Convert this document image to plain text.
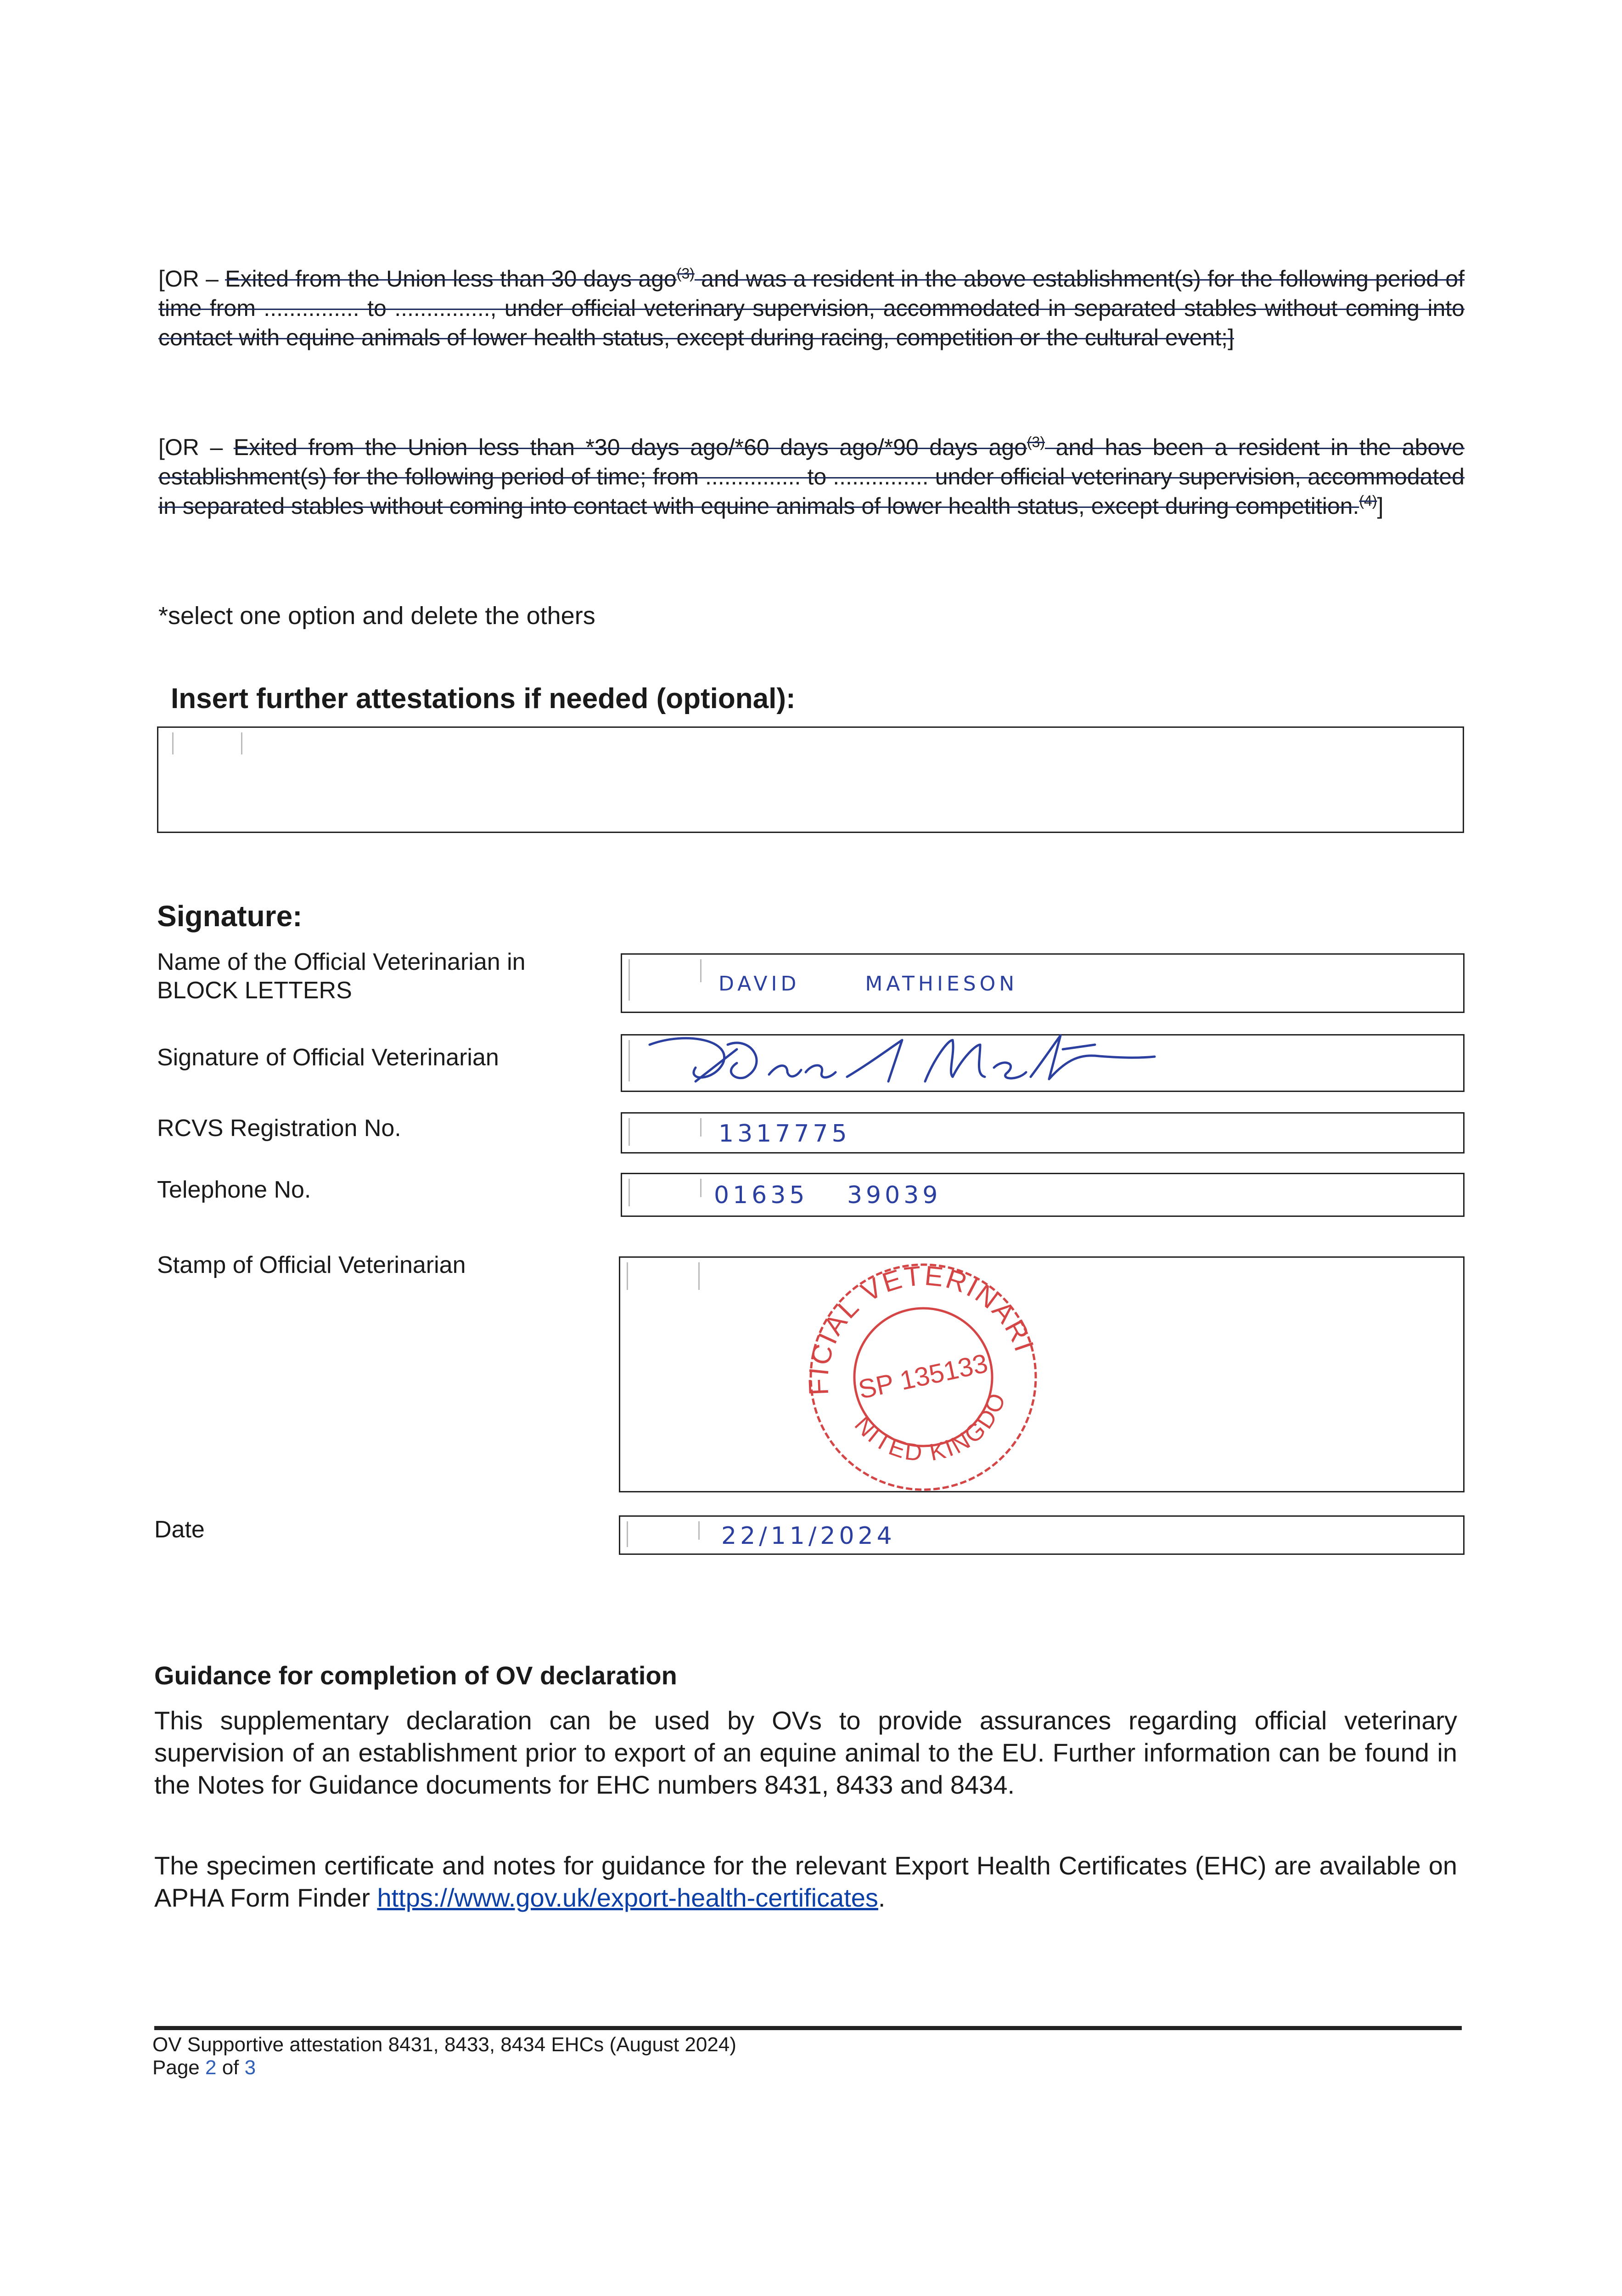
[OR – Exited from the Union less than 30 days ago$^{(3)}$ and was a resident in the above establishment(s) for the following period of time from ............... to ..............., under official veterinary supervision, accommodated in separated stables without coming into contact with equine animals of lower health status, except during racing, competition or the cultural event;]
[OR – Exited from the Union less than *30 days ago/*60 days ago/*90 days ago$^{(3)}$ and has been a resident in the above establishment(s) for the following period of time; from ............... to ............... under official veterinary supervision, accommodated in separated stables without coming into contact with equine animals of lower health status, except during competition.$^{(4)}$]
*select one option and delete the others
Insert further attestations if needed (optional):
Signature:
Name of the Official Veterinarian in BLOCK LETTERS	DAVID MATHIESON
Signature of Official Veterinarian
RCVS Registration No.	1317775
Telephone No.	01635 39039
Stamp of Official Veterinarian	OFFICIAL VETERINARIAN
UNITED KINGDOM
SP 135133
Date	22/11/2024
Guidance for completion of OV declaration
This supplementary declaration can be used by OVs to provide assurances regarding official veterinary supervision of an establishment prior to export of an equine animal to the EU. Further information can be found in the Notes for Guidance documents for EHC numbers 8431, 8433 and 8434.
The specimen certificate and notes for guidance for the relevant Export Health Certificates (EHC) are available on APHA Form Finder https://www.gov.uk/export-health-certificates.
OV Supportive attestation 8431, 8433, 8434 EHCs (August 2024)
Page 2 of 3
